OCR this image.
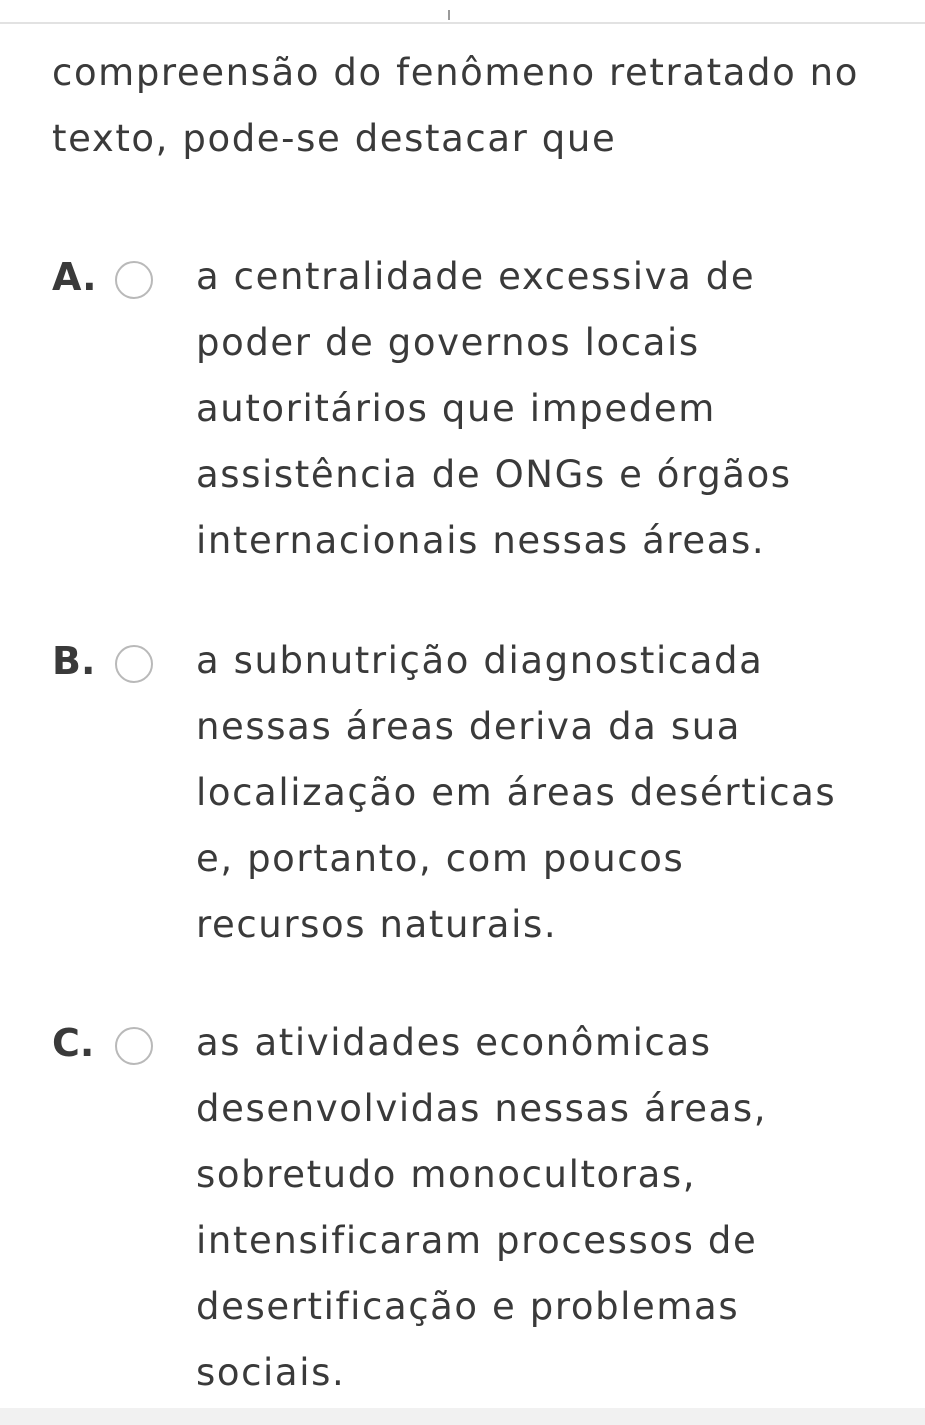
compreensão do fenômeno retratado no texto, pode-se destacar que
A.	a centralidade excessiva de poder de governos locais autoritários que impedem assistência de ONGs e órgãos internacionais nessas áreas.
B.	a subnutrição diagnosticada nessas áreas deriva da sua localização em áreas desérticas e, portanto, com poucos recursos naturais.
C.	as atividades econômicas desenvolvidas nessas áreas, sobretudo monocultoras, intensificaram processos de desertificação e problemas sociais.
